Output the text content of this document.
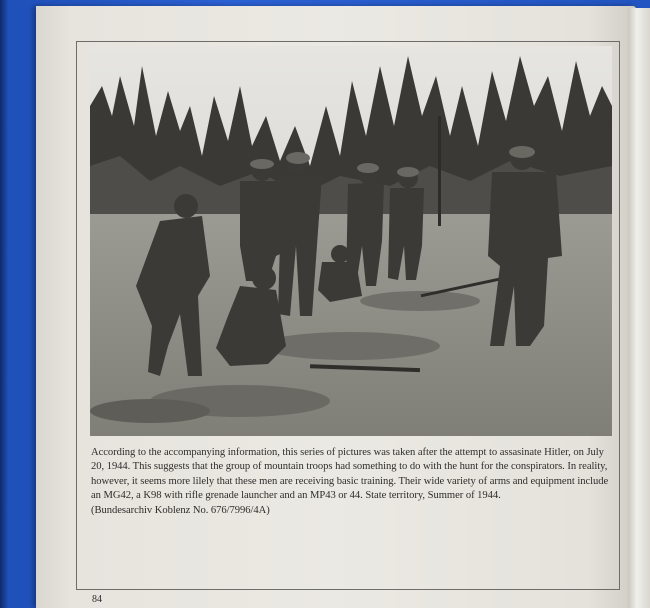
According to the accompanying information, this series of pictures was taken after the attempt to assasinate Hitler, on July 20, 1944. This suggests that the group of mountain troops had something to do with the hunt for the conspirators. In reality, however, it seems more lilely that these men are receiving basic training. Their wide variety of arms and equipment include an MG42, a K98 with rifle grenade launcher and an MP43 or 44. State territory, Summer of 1944.

(Bundesarchiv Koblenz No. 676/7996/4A)

84
